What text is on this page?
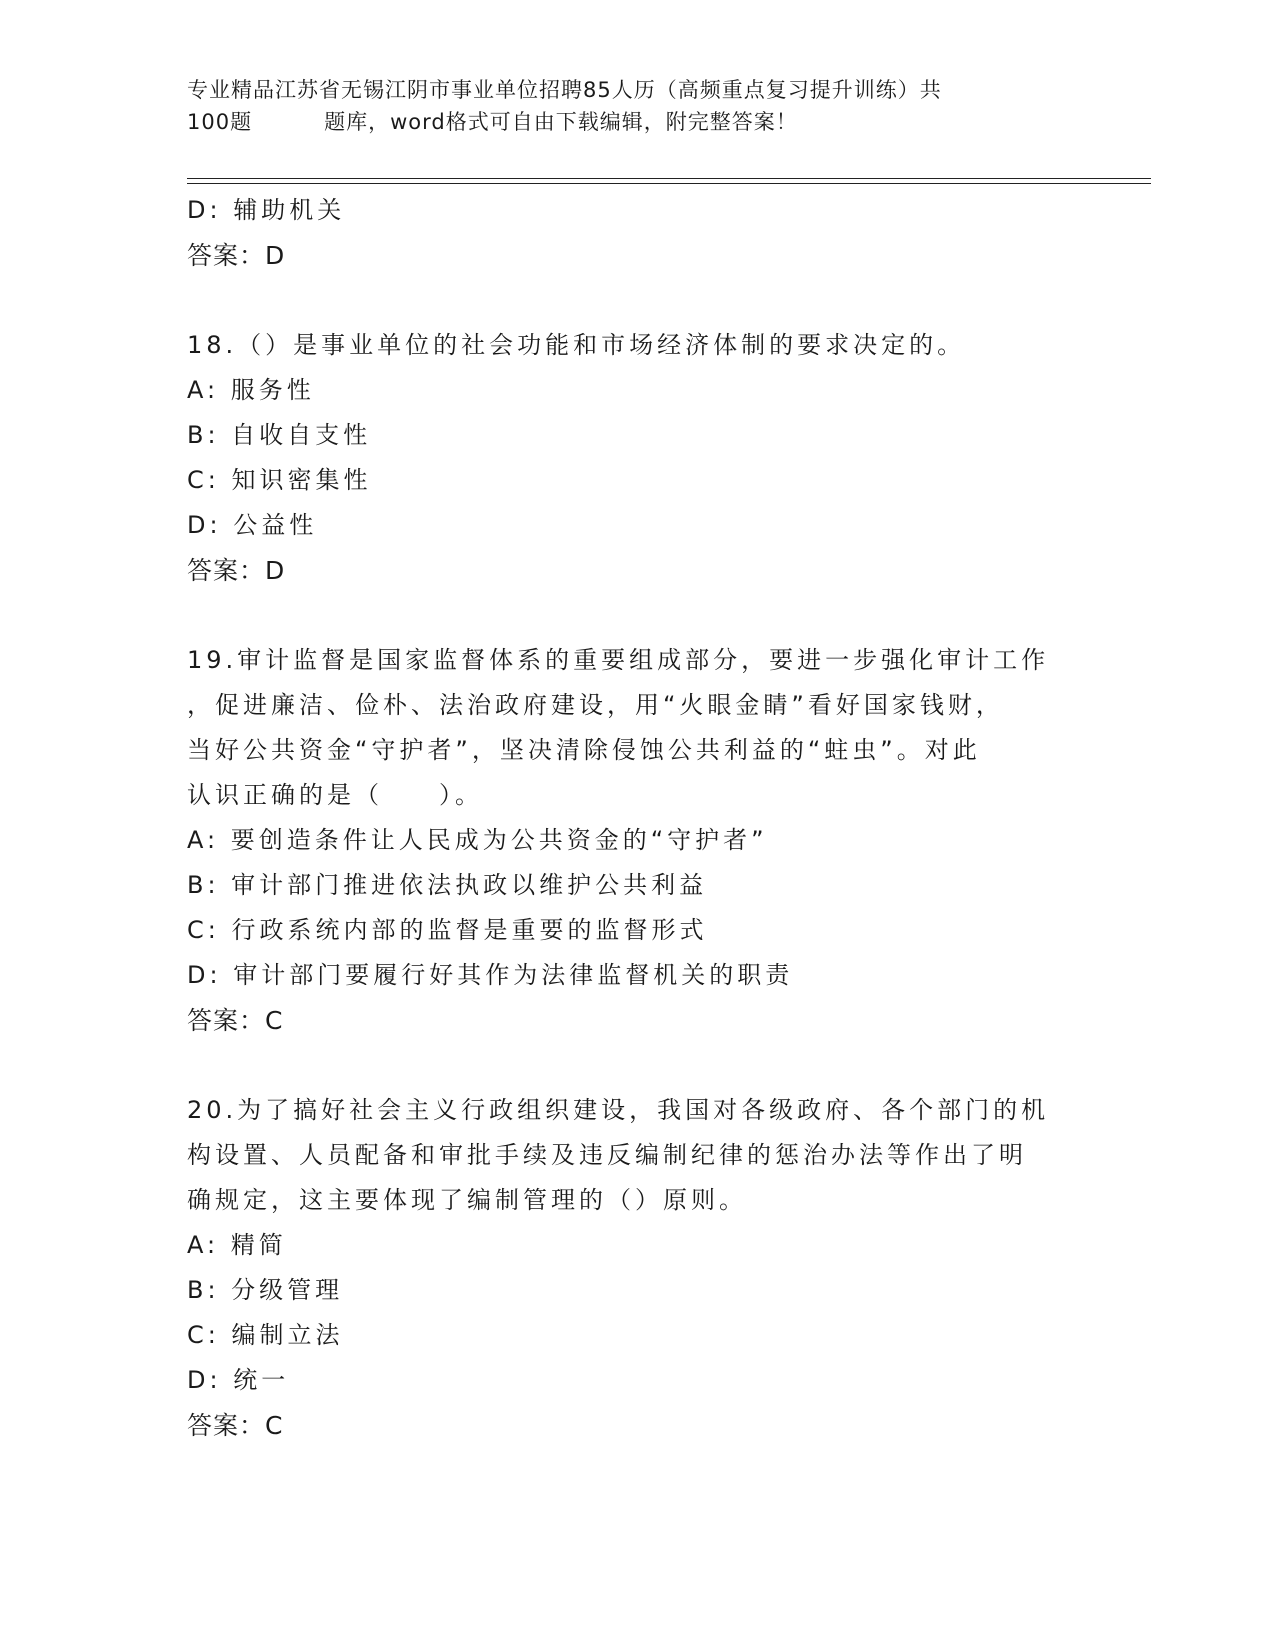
专业精品江苏省无锡江阴市事业单位招聘85人历（高频重点复习提升训练）共
100题	题库，word格式可自由下载编辑，附完整答案！
D: 辅助机关
答案：D
18.（）是事业单位的社会功能和市场经济体制的要求决定的。
A: 服务性
B: 自收自支性
C: 知识密集性
D: 公益性
答案：D
19.审计监督是国家监督体系的重要组成部分，要进一步强化审计工作
，促进廉洁、俭朴、法治政府建设，用“火眼金睛”看好国家钱财，
当好公共资金“守护者”，坚决清除侵蚀公共利益的“蛀虫”。对此
认识正确的是（　　）。
A: 要创造条件让人民成为公共资金的“守护者”
B: 审计部门推进依法执政以维护公共利益
C: 行政系统内部的监督是重要的监督形式
D: 审计部门要履行好其作为法律监督机关的职责
答案：C
20.为了搞好社会主义行政组织建设，我国对各级政府、各个部门的机
构设置、人员配备和审批手续及违反编制纪律的惩治办法等作出了明
确规定，这主要体现了编制管理的（）原则。
A: 精简
B: 分级管理
C: 编制立法
D: 统一
答案：C
